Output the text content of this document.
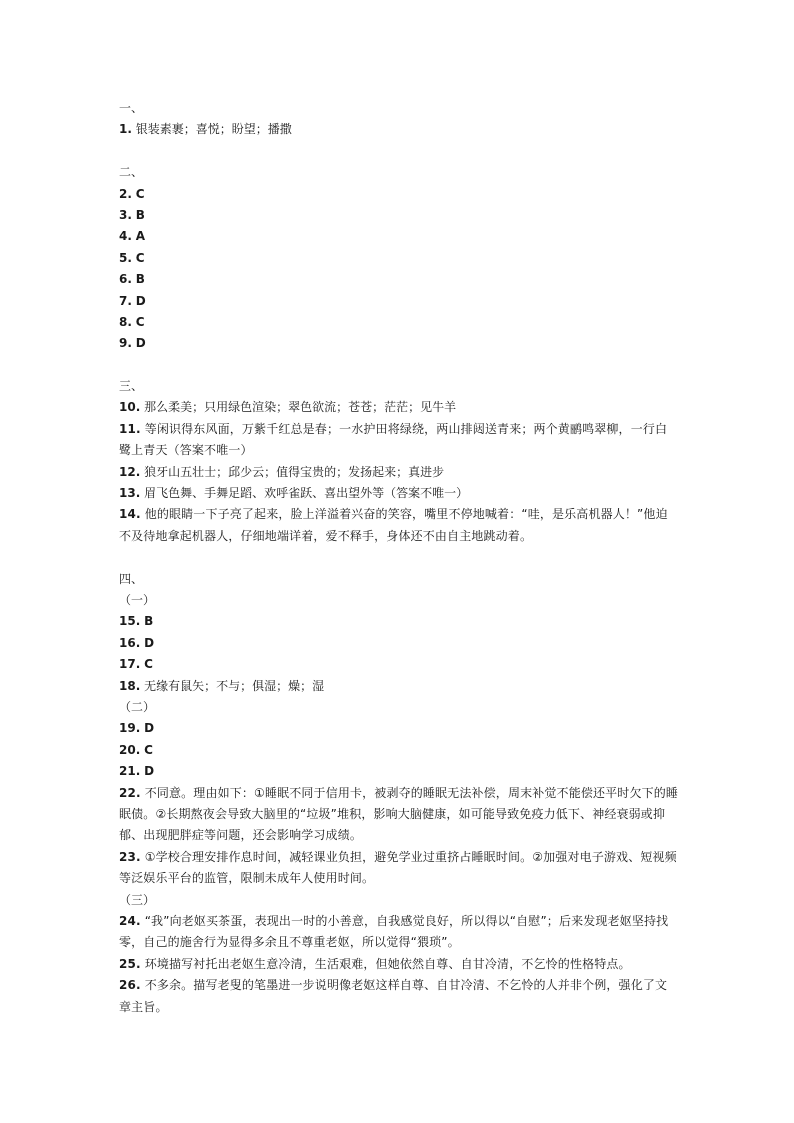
一、
1. 银装素裹；喜悦；盼望；播撒
二、
2. C
3. B
4. A
5. C
6. B
7. D
8. C
9. D
三、
10. 那么柔美；只用绿色渲染；翠色欲流；苍苍；茫茫；见牛羊
11. 等闲识得东风面，万紫千红总是春；一水护田将绿绕，两山排闼送青来；两个黄鹂鸣翠柳，一行白鹭上青天（答案不唯一）
12. 狼牙山五壮士；邱少云；值得宝贵的；发扬起来；真进步
13. 眉飞色舞、手舞足蹈、欢呼雀跃、喜出望外等（答案不唯一）
14. 他的眼睛一下子亮了起来，脸上洋溢着兴奋的笑容，嘴里不停地喊着：“哇，是乐高机器人！”他迫不及待地拿起机器人，仔细地端详着，爱不释手，身体还不由自主地跳动着。
四、
（一）
15. B
16. D
17. C
18. 无缘有鼠矢；不与；俱湿；燥；湿
（二）
19. D
20. C
21. D
22. 不同意。理由如下：①睡眠不同于信用卡，被剥夺的睡眠无法补偿，周末补觉不能偿还平时欠下的睡眠债。②长期熬夜会导致大脑里的“垃圾”堆积，影响大脑健康，如可能导致免疫力低下、神经衰弱或抑郁、出现肥胖症等问题，还会影响学习成绩。
23. ①学校合理安排作息时间，减轻课业负担，避免学业过重挤占睡眠时间。②加强对电子游戏、短视频等泛娱乐平台的监管，限制未成年人使用时间。
（三）
24. “我”向老妪买茶蛋，表现出一时的小善意，自我感觉良好，所以得以“自慰”；后来发现老妪坚持找零，自己的施舍行为显得多余且不尊重老妪，所以觉得“猥琐”。
25. 环境描写衬托出老妪生意冷清，生活艰难，但她依然自尊、自甘冷清，不乞怜的性格特点。
26. 不多余。描写老叟的笔墨进一步说明像老妪这样自尊、自甘冷清、不乞怜的人并非个例，强化了文章主旨。
